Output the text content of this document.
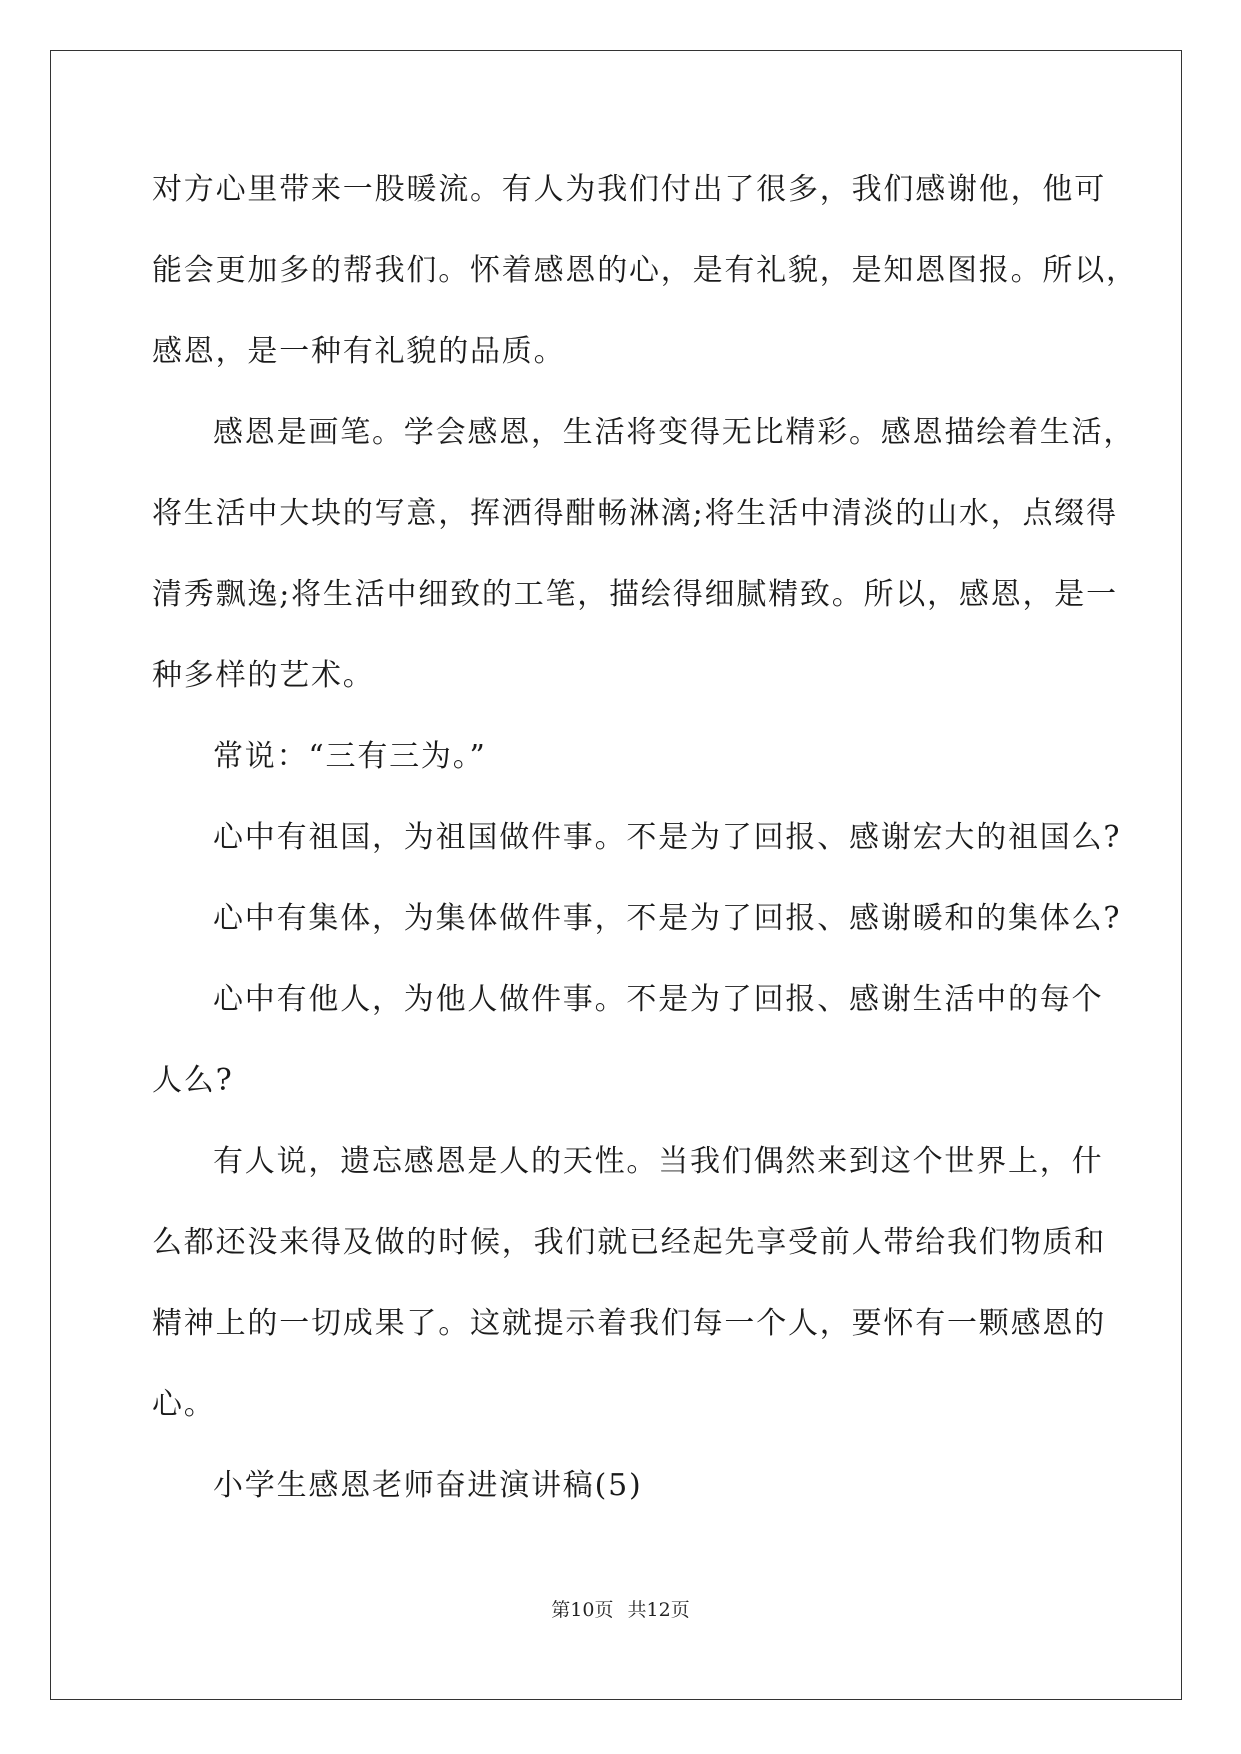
对方心里带来一股暖流。有人为我们付出了很多，我们感谢他，他可
能会更加多的帮我们。怀着感恩的心，是有礼貌，是知恩图报。所以，
感恩，是一种有礼貌的品质。
感恩是画笔。学会感恩，生活将变得无比精彩。感恩描绘着生活，
将生活中大块的写意，挥洒得酣畅淋漓;将生活中清淡的山水，点缀得
清秀飘逸;将生活中细致的工笔，描绘得细腻精致。所以，感恩，是一
种多样的艺术。
常说：“三有三为。”
心中有祖国，为祖国做件事。不是为了回报、感谢宏大的祖国么?
心中有集体，为集体做件事，不是为了回报、感谢暖和的集体么?
心中有他人，为他人做件事。不是为了回报、感谢生活中的每个
人么?
有人说，遗忘感恩是人的天性。当我们偶然来到这个世界上，什
么都还没来得及做的时候，我们就已经起先享受前人带给我们物质和
精神上的一切成果了。这就提示着我们每一个人，要怀有一颗感恩的
心。
小学生感恩老师奋进演讲稿(5)
第10页 共12页
